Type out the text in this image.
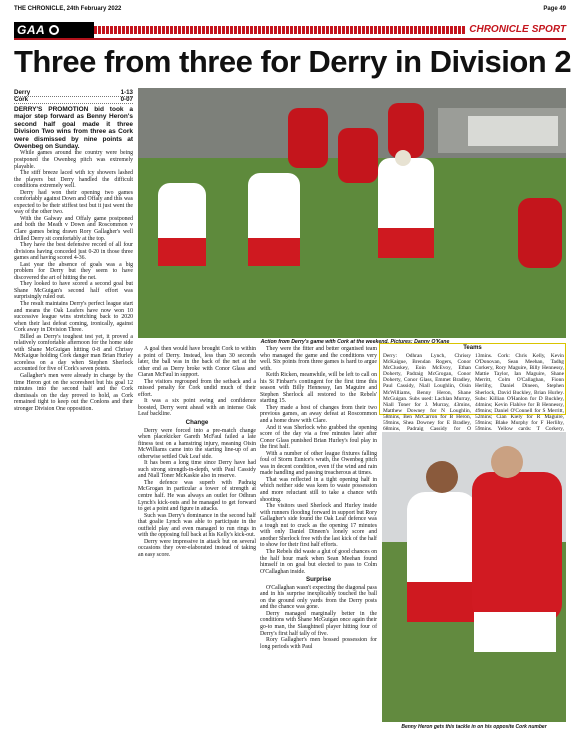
THE CHRONICLE, 24th February 2022	Page 49
GAA	CHRONICLE SPORT
Three from three for Derry in Division 2
Derry	1-13
Cork	0-07

DERRY'S PROMOTION bid took a major step forward as Benny Heron's second half goal made it three Division Two wins from three as Cork were dismissed by nine points at Owenbeg on Sunday.

While games around the country were being postponed the Owenbeg pitch was extremely playable.

The stiff breeze laced with icy showers lashed the players but Derry handled the difficult conditions extremely well.

Derry had won their opening two games comfortably against Down and Offaly and this was expected to be their stiffest test but it just went the way of the other two.

With the Galway and Offaly game postponed and both the Meath v Down and Roscommon v Clare games being drawn Rory Gallagher's well drilled Derry sit comfortably at the top.

They have the best defensive record of all four divisions having conceded just 0-20 in those three games and having scored 4-36.

Last year the absence of goals was a big problem for Derry but they seem to have discovered the art of hitting the net.

They looked to have scored a second goal but Shane McGuigan's second half effort was surprisingly ruled out.

The result maintains Derry's perfect league start and means the Oak Leafers have now won 10 successive league wins stretching back to 2020 when their last defeat coming, ironically, against Cork away in Division Three.

Billed as Derry's toughest test yet, it proved a relatively comfortable afternoon for the home side with Shane McGuigan hitting 0-8 and Chrissy McKaigue holding Cork danger man Brian Hurley scoreless on a day when Stephen Sherlock accounted for five of Cork's seven points.

Gallagher's men were already in charge by the time Heron got on the scoresheet but his goal 12 minutes into the second half and the Cork dismissals on the day proved to hold, as Cork remained tight to keep out the Conlons and their stronger Division One opposition.

Action from Derry's game with Cork at the weekend. Pictures: Danny O'Kane

A goal then would have brought Cork to within a point of Derry. Instead, less than 30 seconds later, the ball was in the back of the net at the other end as Derry broke with Conor Glass and Ciaran McFaul in support.

The visitors regrouped from the setback and a missed penalty for Cork undid much of their effort.

It was a six point swing and confidence boosted, Derry went ahead with an intense Oak Leaf backline.

Change

Derry were forced into a pre-match change when placekicker Gareth McFaul failed a late fitness test on a hamstring injury, meaning Oisin McWilliams came into the starting line-up of an otherwise settled Oak Leaf side.

It has been a long time since Derry have had such strong strength-in-depth, with Paul Cassidy and Niall Toner McKaskie also in reserve.

The defence was superb with Padraig McGrogan in particular a tower of strength at centre half. He was always an outlet for Odhran Lynch's kick-outs and he managed to get forward to get a point and figure in attacks.

Such was Derry's dominance in the second half that goalie Lynch was able to participate in the outfield play and even managed to run rings in with the opposing full back at his Kelly's kick-out.

Derry were impressive in attack but on several occasions they over-elaborated instead of taking an easy score.

They were the fitter and better organised team who managed the game and the conditions very well. Six points from three games is hard to argue with.

Keith Ricken, meanwhile, will be left to call on his St Finbarr's contingent for the first time this season with Billy Hennessy, Ian Maguire and Stephen Sherlock all restored to the Rebels' starting 15.

They made a host of changes from their two previous games, an away defeat at Roscommon and a home draw with Clare.

And it was Sherlock who grabbed the opening score of the day via a free minutes later after Conor Glass punished Brian Hurley's foul play in the first half.

With a number of other league fixtures falling foul of Storm Eunice's wrath, the Owenbeg pitch was in decent condition, even if the wind and rain made handling and passing treacherous at times.

That was reflected in a tight opening half in which neither side was keen to waste possession and more reluctant still to take a chance with shooting.

The visitors used Sherlock and Hurley inside with runners flooding forward in support but Rory Gallagher's side found the Oak Leaf defence was a tough nut to crack as the opening 17 minutes with only Daniel Dineen's lonely score and another Sherlock free with the last kick of the half to show for their first half efforts.

The Rebels did waste a glut of good chances on the half hour mark when Sean Meehan found himself in on goal but elected to pass to Colm O'Callaghan inside.

Surprise

O'Callaghan wasn't expecting the diagonal pass and in his surprise inexplicably touched the ball on the ground only yards from the Derry posts and the chance was gone.

Derry managed marginally better in the conditions with Shane McGuigan once again their go-to man, the Slaughtneil player hitting four of Derry's first half tally of five.

Rory Gallagher's men bossed possession for long periods with Paul

Teams
Derry: Odhran Lynch, Chrissy McKaigue, Brendan Rogers, Conor McCluskey, Eoin McEvoy, Ethan Doherty, Padraig McGrogan, Conor Doherty, Conor Glass, Emmet Bradley, Paul Cassidy, Niall Loughlin, Oisin McWilliams, Benny Heron, Shane McGuigan. Subs used: Lachlan Murray, Niall Toner for J. Murray, 43mins, Matthew Downey for N Loughlin, 58mins, Ben McCarron for B Heron, 59mins, Shea Downey for E Bradley, 68mins, Padraig Cassidy for O
13mins. Cork: Chris Kelly, Kevin O'Donovan, Sean Meehan, Tadhg Corkery, Rory Maguire, Billy Hennessy, Mattie Taylor, Ian Maguire, Shane Merritt, Colm O'Callaghan, Fionn Herlihy, Daniel Dineen, Stephen Sherlock, David Buckley, Brian Hurley. Subs: Killian O'Hanlon for D Buckley, 44mins; Kevin Flahive for B Hennessy, 49mins; Daniel O'Connell for S Merritt, 52mins; Cian Kiely for R Maguire, 59mins; Blake Murphy for F Herlihy, 59mins. Yellow cards: T Corkery,
Benny Heron gets this tackle in on his opposite Cork number
